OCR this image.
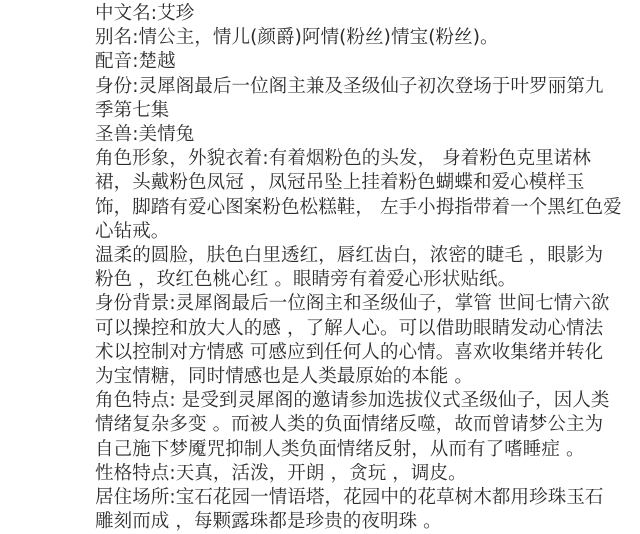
中文名:艾珍
别名:情公主，情儿(颜爵)阿情(粉丝)情宝(粉丝)。
配音:楚越
身份:灵犀阁最后一位阁主兼及圣级仙子初次登场于叶罗丽第九
季第七集
圣兽:美情兔
角色形象，外貌衣着:有着烟粉色的头发， 身着粉色克里诺林
裙，头戴粉色凤冠 ，凤冠吊坠上挂着粉色蝴蝶和爱心模样玉
饰，脚踏有爱心图案粉色松糕鞋， 左手小拇指带着一个黑红色爱
心钻戒。
温柔的圆脸，肤色白里透红，唇红齿白，浓密的睫毛 ，眼影为
粉色 ，玫红色桃心红 。眼睛旁有着爱心形状贴纸。
身份背景:灵犀阁最后一位阁主和圣级仙子，掌管 世间七情六欲
可以操控和放大人的感 ，了解人心。可以借助眼睛发动心情法
术以控制对方情感 可感应到任何人的心情。喜欢收集绪并转化
为宝情糖，同时情感也是人类最原始的本能 。
角色特点: 是受到灵犀阁的邀请参加选拔仪式圣级仙子，因人类
情绪复杂多变 。而被人类的负面情绪反噬，故而曾请梦公主为
自己施下梦魇咒抑制人类负面情绪反射，从而有了嗜睡症 。
性格特点:天真，活泼，开朗 ，贪玩 ，调皮。
居住场所:宝石花园一情语塔，花园中的花草树木都用珍珠玉石
雕刻而成 ，每颗露珠都是珍贵的夜明珠 。
